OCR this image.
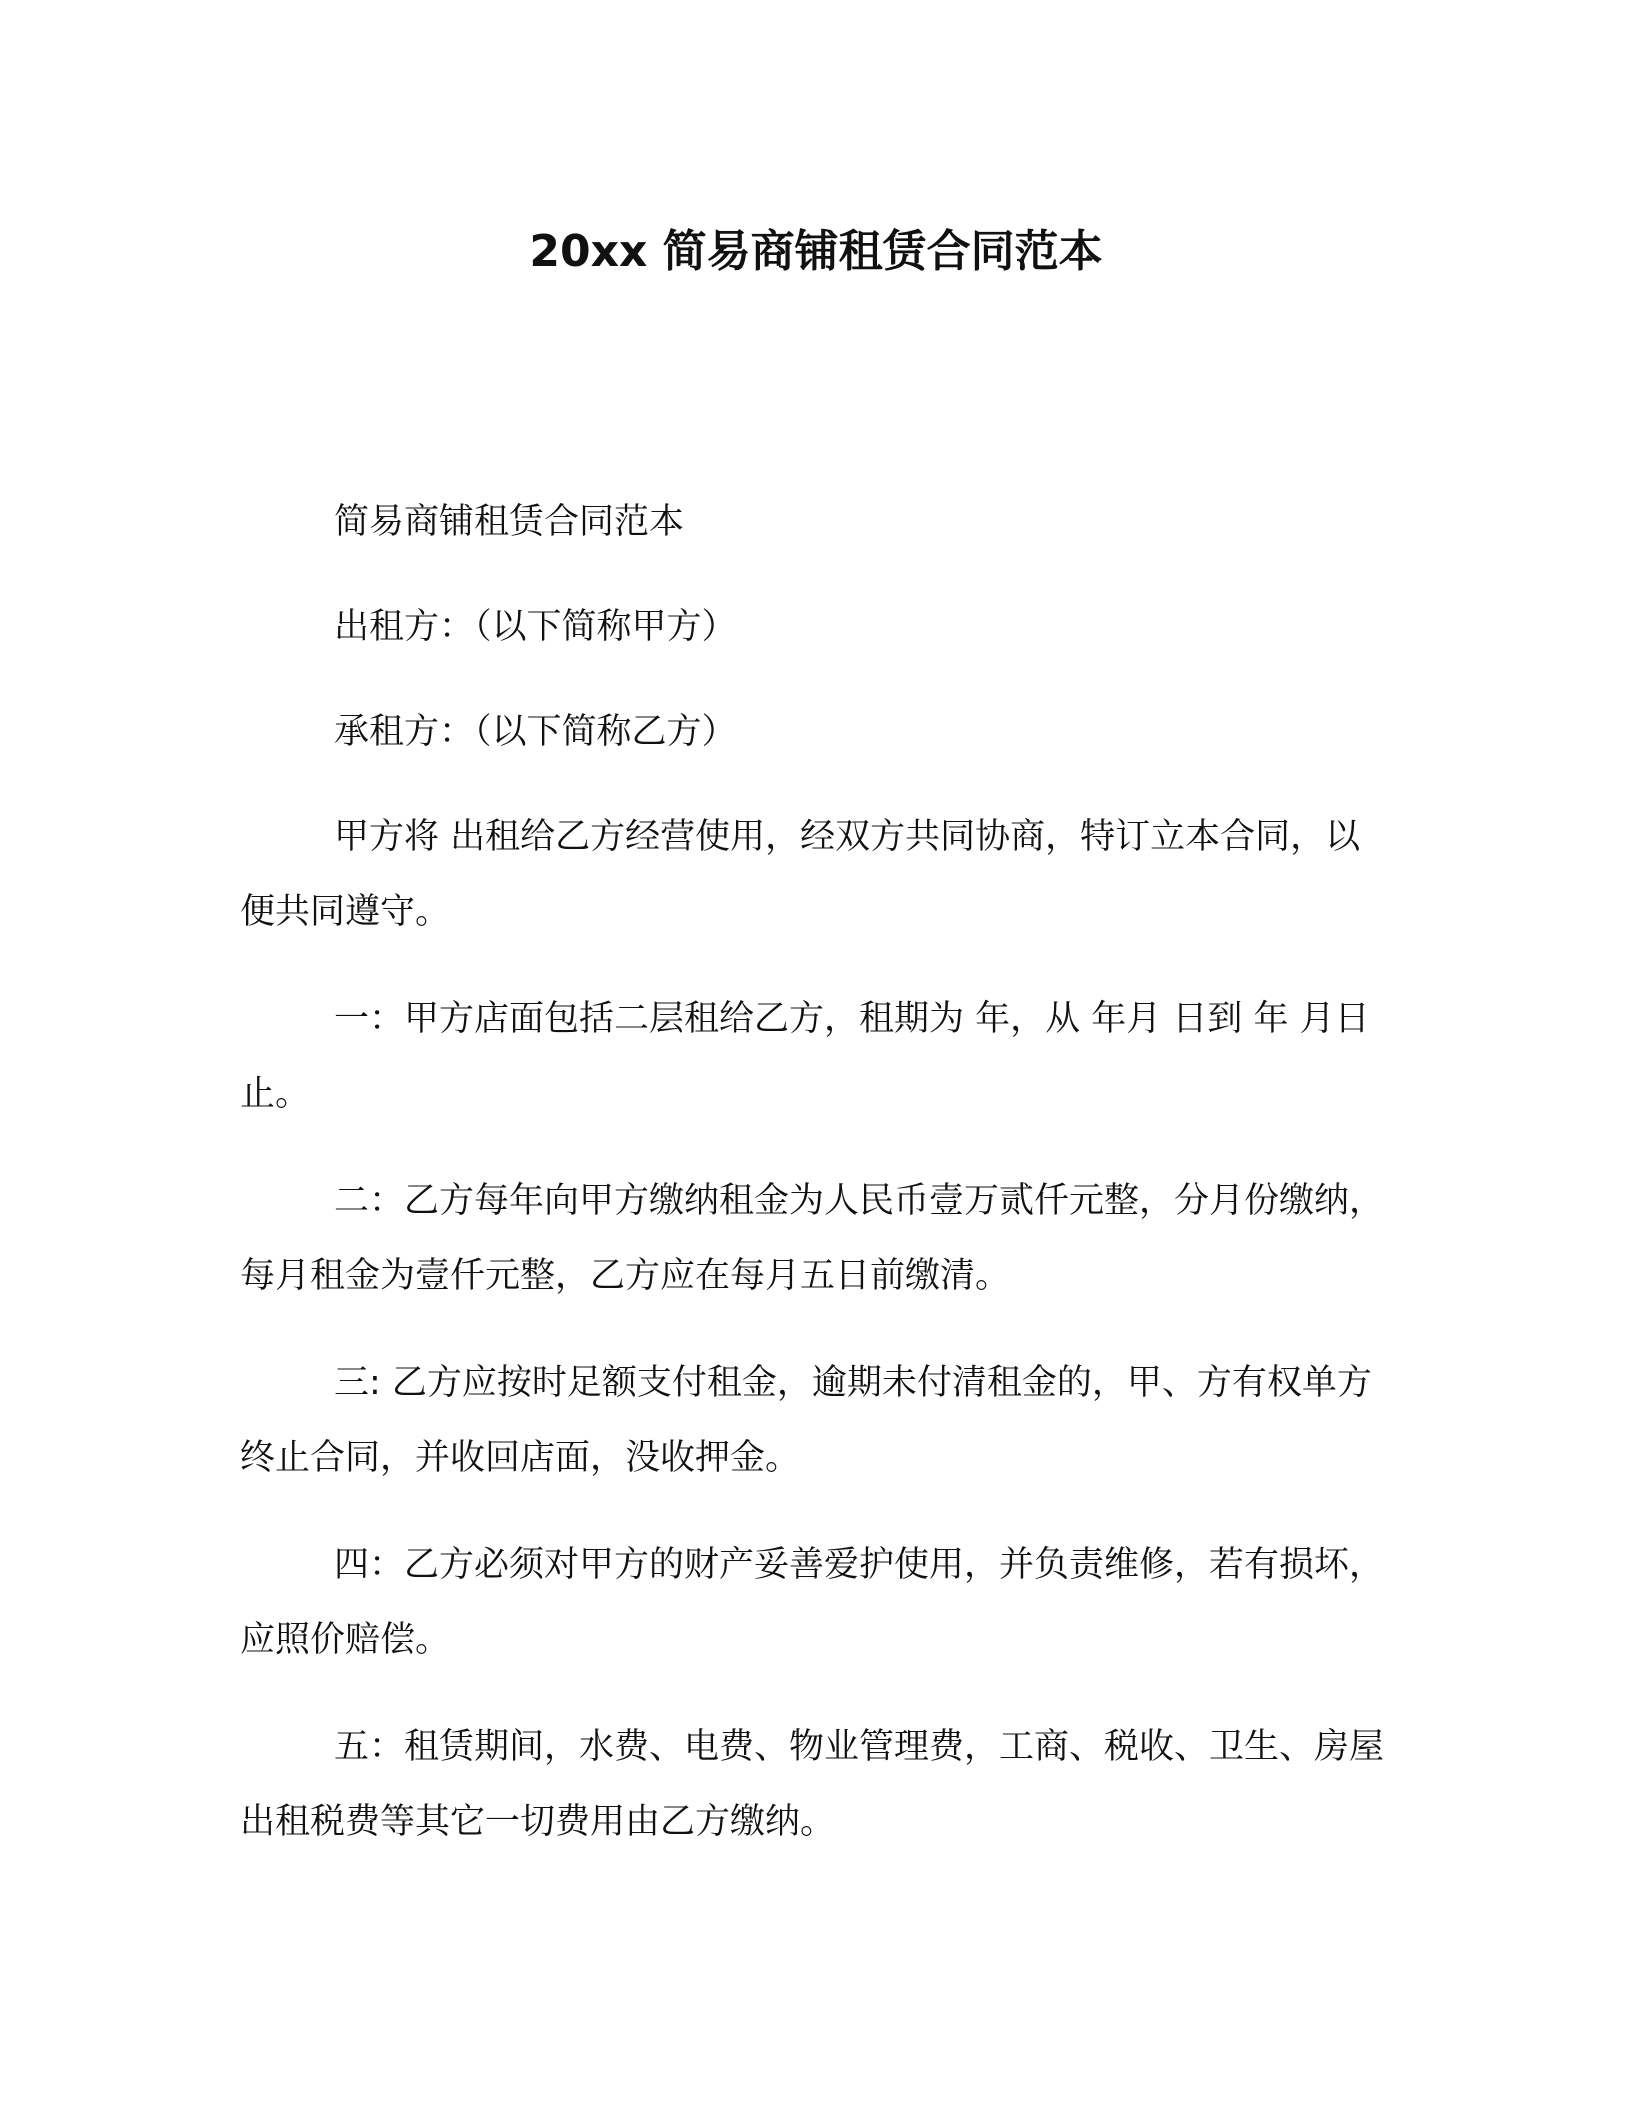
20xx 简易商铺租赁合同范本

简易商铺租赁合同范本

出租方：（以下简称甲方）

承租方：（以下简称乙方）

甲方将 出租给乙方经营使用，经双方共同协商，特订立本合同，以便共同遵守。

一：甲方店面包括二层租给乙方，租期为 年，从 年月 日到 年 月日止。

二：乙方每年向甲方缴纳租金为人民币壹万贰仟元整，分月份缴纳，每月租金为壹仟元整，乙方应在每月五日前缴清。

三: 乙方应按时足额支付租金，逾期未付清租金的，甲、方有权单方终止合同，并收回店面，没收押金。

四：乙方必须对甲方的财产妥善爱护使用，并负责维修，若有损坏，应照价赔偿。

五：租赁期间，水费、电费、物业管理费，工商、税收、卫生、房屋出租税费等其它一切费用由乙方缴纳。
